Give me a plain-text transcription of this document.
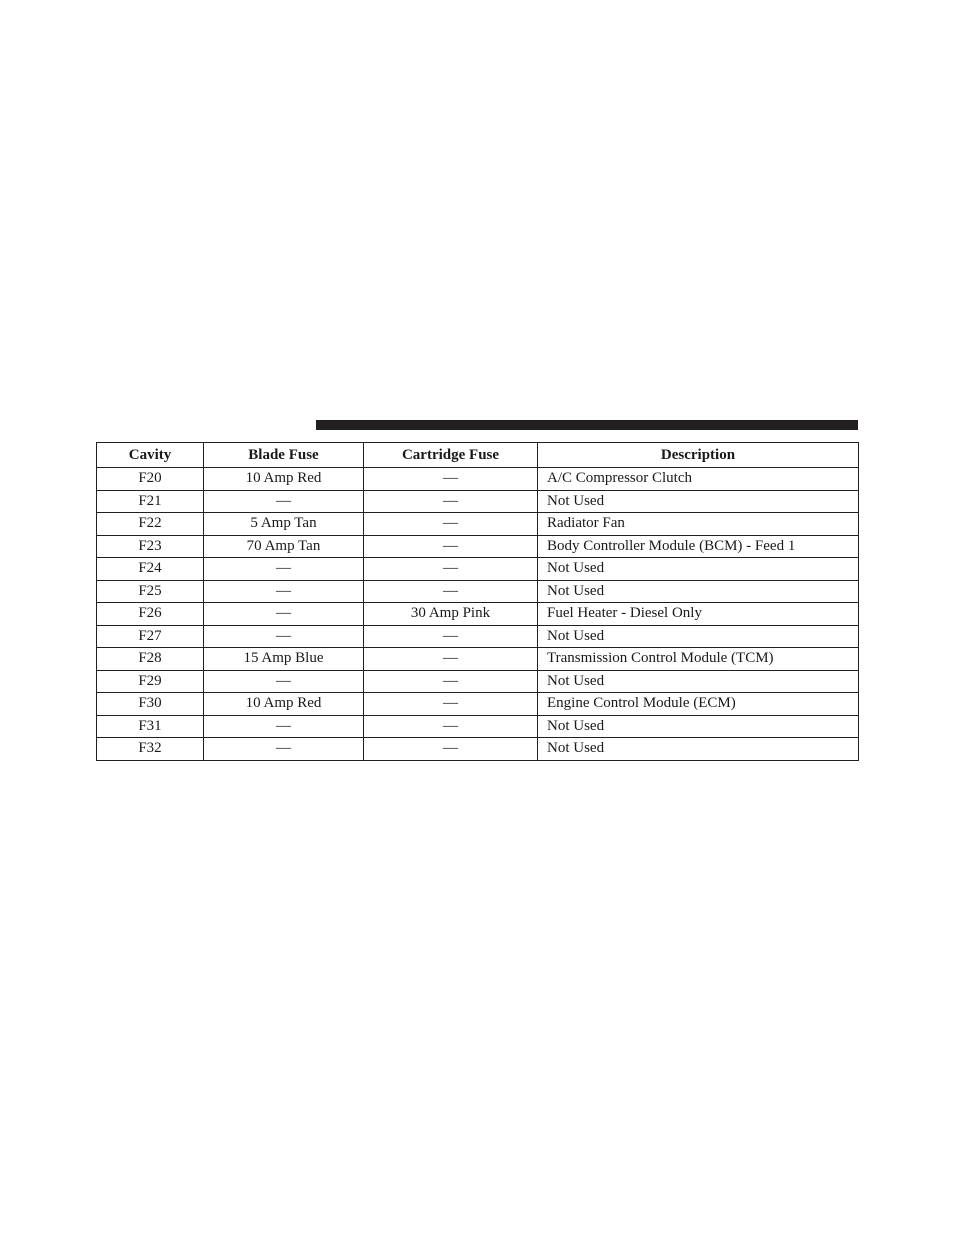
Cavity	Blade Fuse	Cartridge Fuse	Description
F20	10 Amp Red	—	A/C Compressor Clutch
F21	—	—	Not Used
F22	5 Amp Tan	—	Radiator Fan
F23	70 Amp Tan	—	Body Controller Module (BCM) - Feed 1
F24	—	—	Not Used
F25	—	—	Not Used
F26	—	30 Amp Pink	Fuel Heater - Diesel Only
F27	—	—	Not Used
F28	15 Amp Blue	—	Transmission Control Module (TCM)
F29	—	—	Not Used
F30	10 Amp Red	—	Engine Control Module (ECM)
F31	—	—	Not Used
F32	—	—	Not Used
